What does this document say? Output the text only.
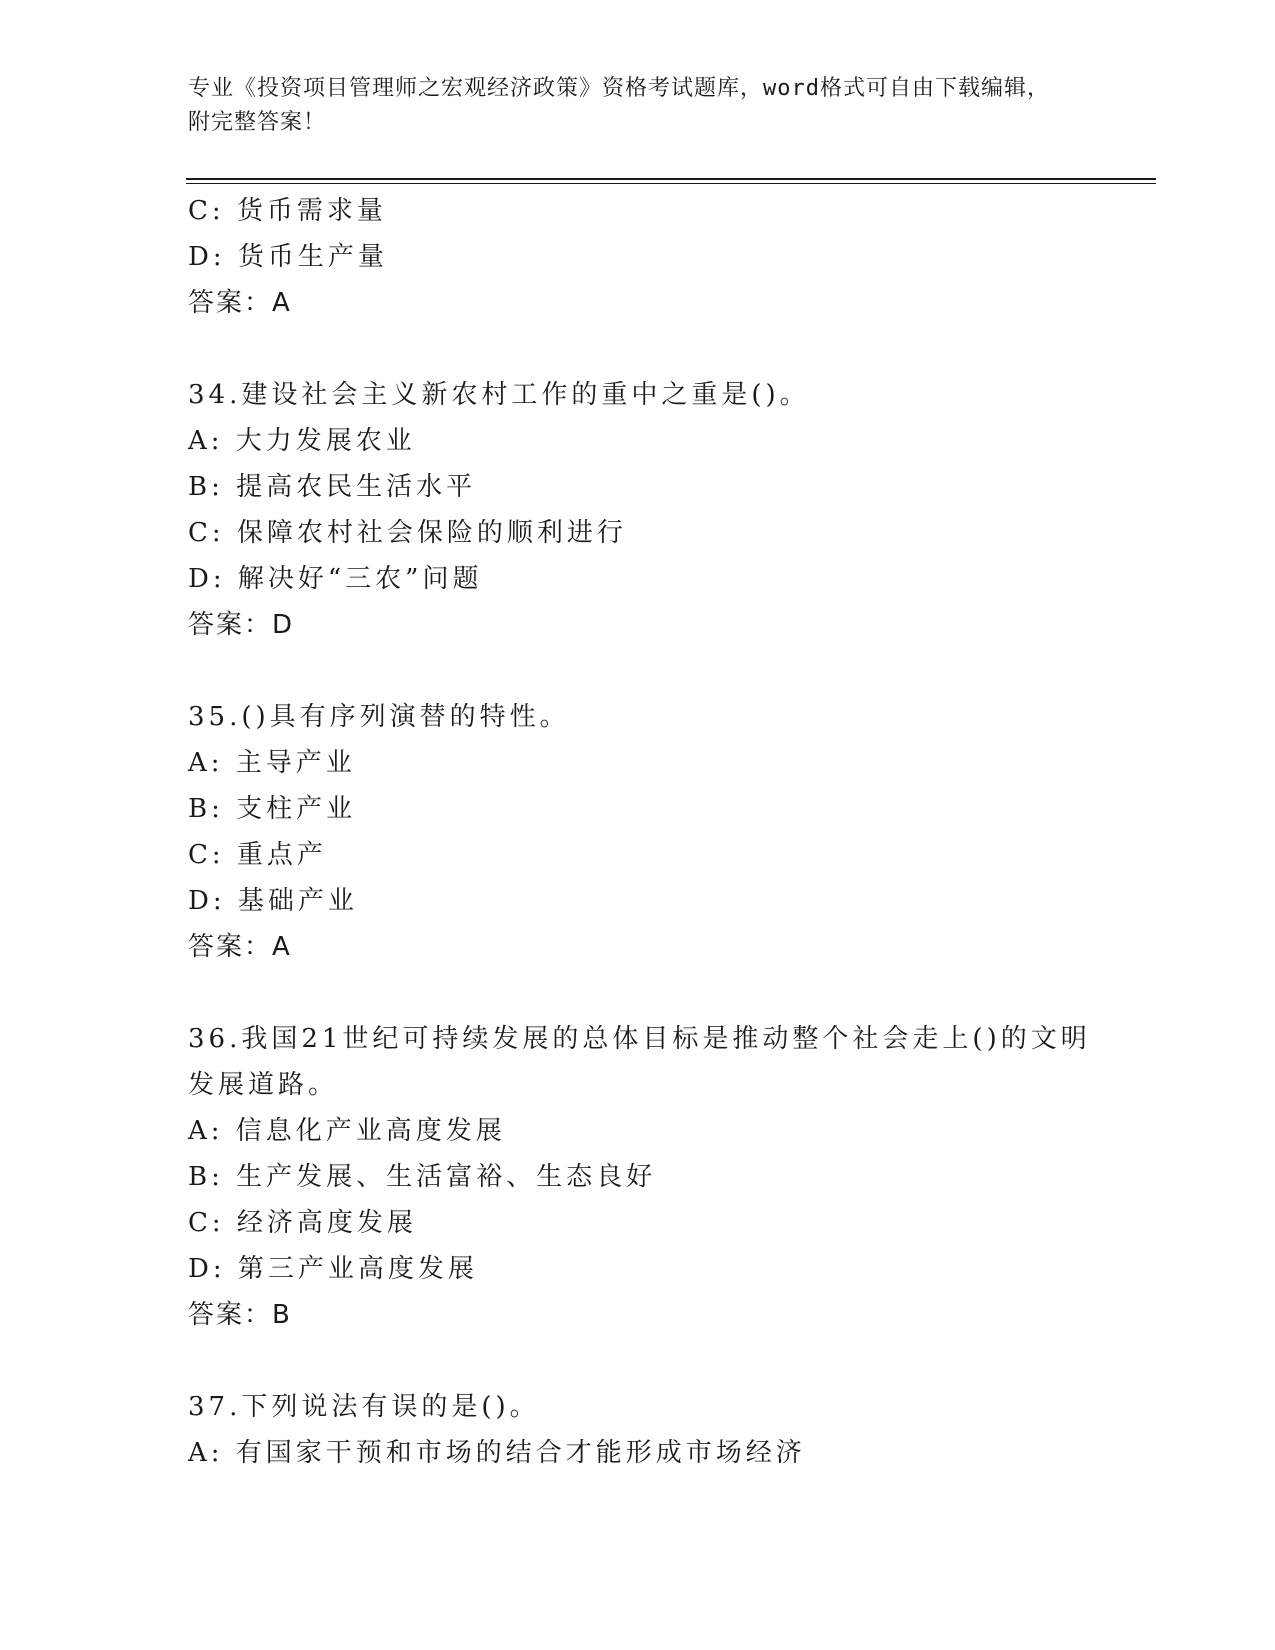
专业《投资项目管理师之宏观经济政策》资格考试题库，word格式可自由下载编辑，附完整答案！
C: 货币需求量
D: 货币生产量
答案：A
34.建设社会主义新农村工作的重中之重是()。
A: 大力发展农业
B: 提高农民生活水平
C: 保障农村社会保险的顺利进行
D: 解决好“三农”问题
答案：D
35.()具有序列演替的特性。
A: 主导产业
B: 支柱产业
C: 重点产
D: 基础产业
答案：A
36.我国21世纪可持续发展的总体目标是推动整个社会走上()的文明
发展道路。
A: 信息化产业高度发展
B: 生产发展、生活富裕、生态良好
C: 经济高度发展
D: 第三产业高度发展
答案：B
37.下列说法有误的是()。
A: 有国家干预和市场的结合才能形成市场经济
